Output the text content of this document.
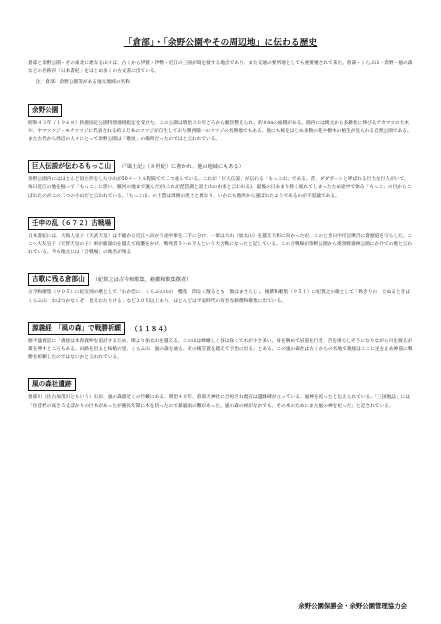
「倉部」・「余野公園やその周辺地」に伝わる歴史

倉部と余野公園・その東北に連なる山々は、古くから伊賀・伊勢・近江の三国が境を接する地点であり、また交通の要所地としても重要視されて来た。倉部・くらぶ山・余野・風の森などの名称が「日本書紀」をはじめ多くの古文書に出ている。

注　倉部：余野公園等がある地元地域の名称

余野公園

昭和４３年（１９６８）鈴鹿国定公園特別地域指定を受けた。この公園は明治３０年ごろから順次整えられ、約８haの面積がある。園内には桃元から多耕状に伸びるアカマツの大木や、ヤマツツジ・モチツツジに代表される約２万本のツツジが自生しており関西随一のツツジの名勝地でもある。他にも桜をはじめ多数の花や樹木の植生が見られる自然公園である。また古代から周辺の人々にとって余野公園は「歌垣」の場所だったのではと云われている。

巨人伝説が伝わるもっこ山	（『風土記』（８世紀）に書かれ、他の地域にもある）

余野公園内にはほとんど似た形をした小山が50メートル程隔てて二つ並んでいる。これが「巨人伝説」が伝わる「もっこ山」である。昔、ダダボーシと呼ばれる巨大な巨人がいて、毎日近江の地を掘って「もっこ」に担い、駿河の地まで運んだが(これが琵琶湖と富士山の由来と云われる)、最後の日あまり狭く疲れてしまったため途中で休み「もっこ」の目からこぼれたのがこの二つの小山だと云われている。「もっこ山」の土質は周囲の黒土と異なり、いかにも他所から運ばれたようであるのが不思議である。

壬申の乱（６７２）古戦場

日本書紀には、大海人皇子（天武天皇）は不破から近江へ向かう途中軍を二手に分け、一軍は大山（加太山）を越え大和に向かったが、このとき日中臣足摩呂に倉歴道を守らした。ここへ大友皇子（天智天皇の子）軍が鹿深山を越えて夜襲をかけ、戦死者５～６千人という大合戦になったと記している。この合戦場が余野公園から奥余野森林公園にかけての地と云われている。今も地元には「合戦場」の地名が残る

古歌に残る倉部山	（紀貫之は古今和歌集、勅撰和歌集撰者）

古今和歌集（９０５）に紀友則の歌として「わか恋に　くらふの山の　櫻花　間なく散るとも　数はまさらじ」、後撰和歌集（９５１）に紀貫之の歌として「秋きりの　立ぬるときは　くらふ山　おぼつかなくぞ　見えわたりける」など２０句以上あり、ほとんどは平安時代の有名な勅撰和歌集に出ている。

源義経　「風の森」で戦勝祈願	（１１８４）

源平盛衰記に「義経は木曽義仲を追討するため、関より加太山を越える。この山は峰嶮しく谷は探くて水が小さ多い。身を倒めて岩道を行き、舌を滑らしそうになりながら川を渡るが菓を伸すところもある。山路を出ると柘植の里、くらふ山　風の森を通る。その後笠置を越えて宇治に出る」とある。この風の森社は古くからの名地で義経はここに足を止め神前に戦勝を祈願したのではないかと云われている。

風の森社遺跡

倉部川（住古加茂川ともいう）右岸、風の森溜近くの竹藪にある。明治４０年、倉部天神社に合祀され現在は遺跡碑が立っている。風神を祀ったと伝えられている。「三国地誌」には「住昔杉の高さ５丈ばかりの巨木があったが慶長年間に木を切ったので暴風雨の難があった。風の森の祠がなかでも、その木のためにまた風の神を祀った」と記されている。

余野公園保勝会・余野公園管理協力会
